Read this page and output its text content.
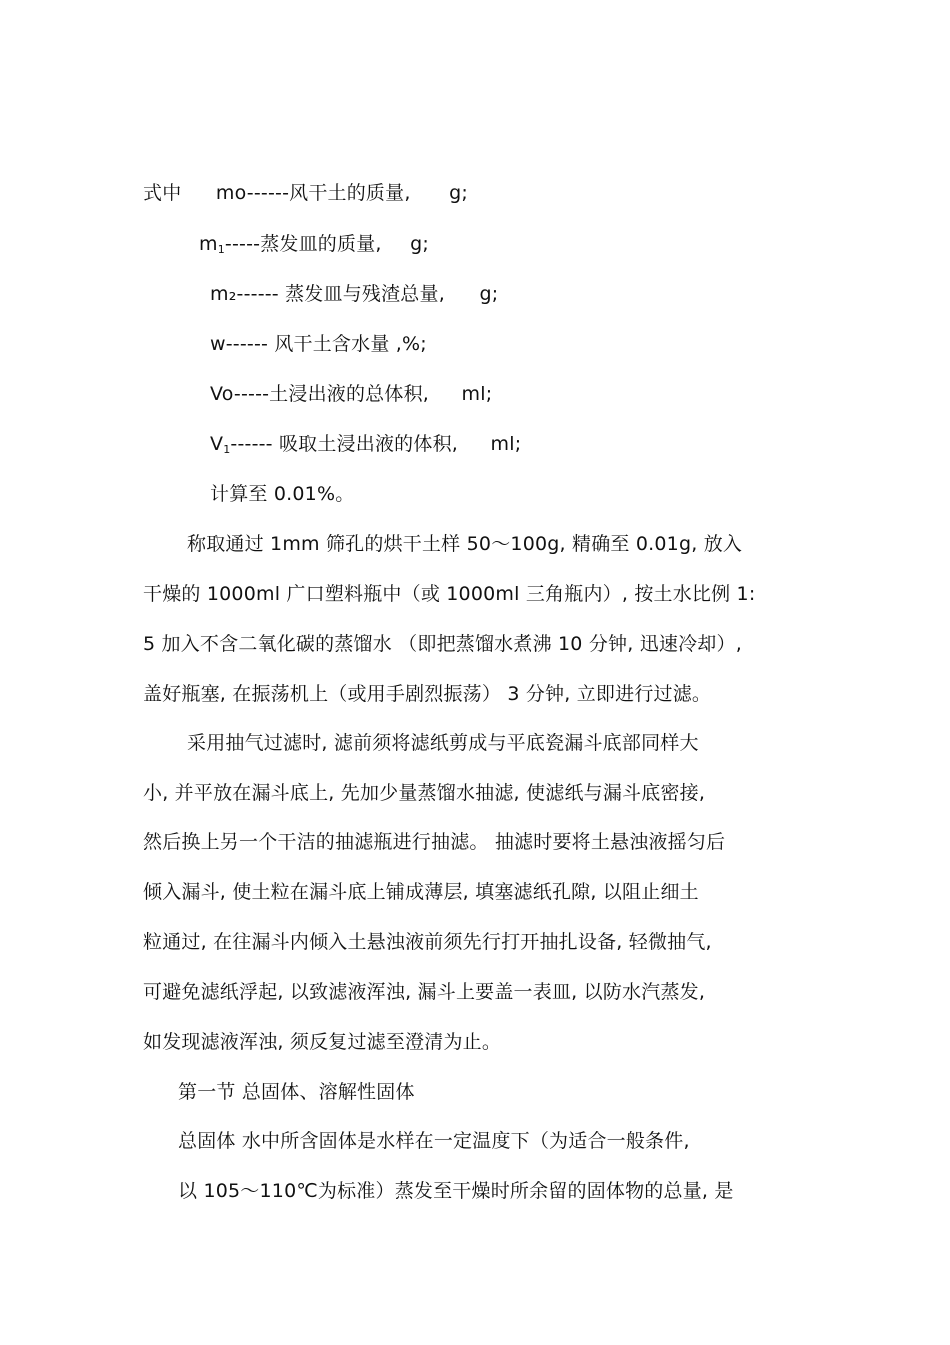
式中 mo------风干土的质量, g;
$m_1-----$蒸发皿的质量, g;
m₂------ 蒸发皿与残渣总量, g;
w------ 风干土含水量 ,%;
Vo-----土浸出液的总体积, ml;
$V_1------$ 吸取土浸出液的体积, ml;
计算至 0.01%。
称取通过 1mm 筛孔的烘干土样 50～100g, 精确至 0.01g, 放入
干燥的 1000ml 广口塑料瓶中（或 1000ml 三角瓶内）, 按土水比例 1:
5 加入不含二氧化碳的蒸馏水 （即把蒸馏水煮沸 10 分钟, 迅速冷却）,
盖好瓶塞, 在振荡机上（或用手剧烈振荡） 3 分钟, 立即进行过滤。
采用抽气过滤时, 滤前须将滤纸剪成与平底瓷漏斗底部同样大
小, 并平放在漏斗底上, 先加少量蒸馏水抽滤, 使滤纸与漏斗底密接,
然后换上另一个干洁的抽滤瓶进行抽滤。 抽滤时要将土悬浊液摇匀后
倾入漏斗, 使土粒在漏斗底上铺成薄层, 填塞滤纸孔隙, 以阻止细土
粒通过, 在往漏斗内倾入土悬浊液前须先行打开抽扎设备, 轻微抽气,
可避免滤纸浮起, 以致滤液浑浊, 漏斗上要盖一表皿, 以防水汽蒸发,
如发现滤液浑浊, 须反复过滤至澄清为止。
第一节 总固体、溶解性固体
总固体 水中所含固体是水样在一定温度下（为适合一般条件,
以 105～110℃为标准）蒸发至干燥时所余留的固体物的总量, 是
